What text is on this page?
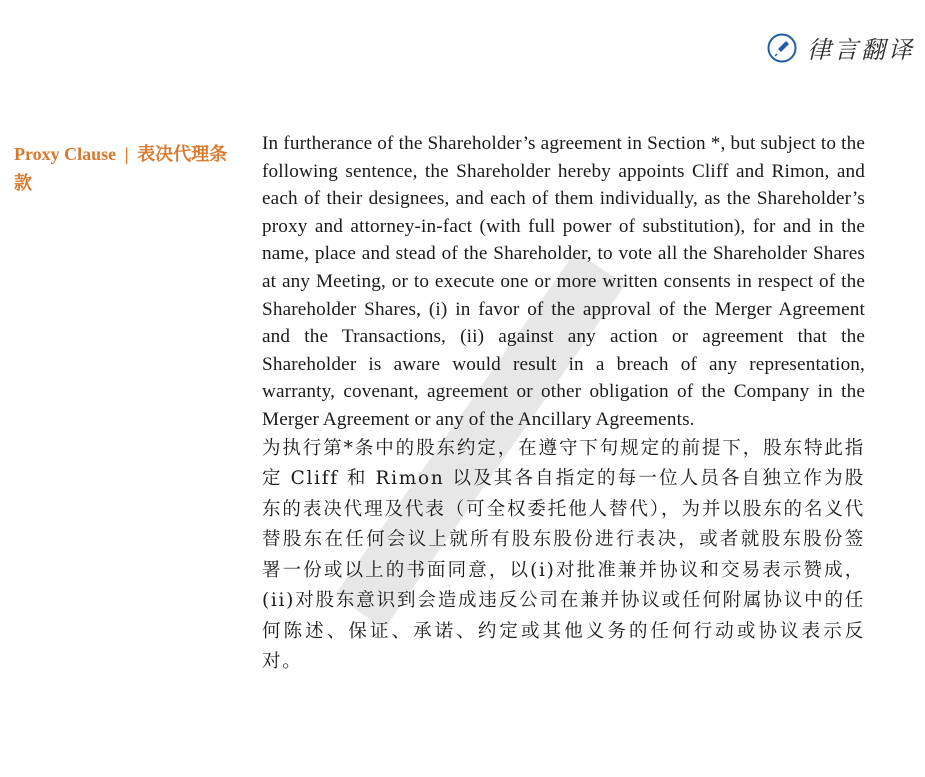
律言翻译
Proxy Clause | 表决代理条款

In furtherance of the Shareholder’s agreement in Section *, but subject to the following sentence, the Shareholder hereby appoints Cliff and Rimon, and each of their designees, and each of them individually, as the Shareholder’s proxy and attorney-in-fact (with full power of substitution), for and in the name, place and stead of the Shareholder, to vote all the Shareholder Shares at any Meeting, or to execute one or more written consents in respect of the Shareholder Shares, (i) in favor of the approval of the Merger Agreement and the Transactions, (ii) against any action or agreement that the Shareholder is aware would result in a breach of any representation, warranty, covenant, agreement or other obligation of the Company in the Merger Agreement or any of the Ancillary Agreements.

为执行第*条中的股东约定，在遵守下句规定的前提下，股东特此指定 Cliff 和 Rimon 以及其各自指定的每一位人员各自独立作为股东的表决代理及代表（可全权委托他人替代），为并以股东的名义代替股东在任何会议上就所有股东股份进行表决，或者就股东股份签署一份或以上的书面同意，以(i)对批准兼并协议和交易表示赞成，(ii)对股东意识到会造成违反公司在兼并协议或任何附属协议中的任何陈述、保证、承诺、约定或其他义务的任何行动或协议表示反对。
